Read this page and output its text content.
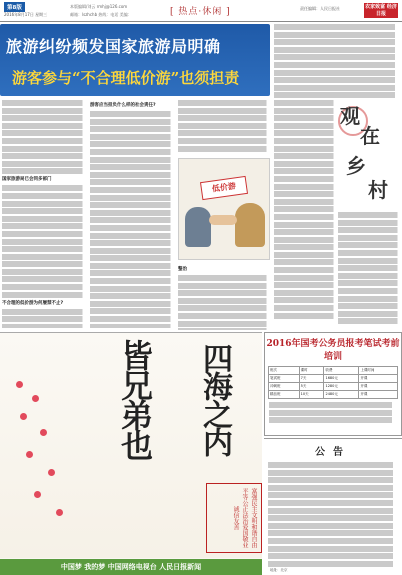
第8版
2016年8月17日 星期三
本版编辑/刘云 rmhj@126.com
邮箱：lszhchb 热线：电话 美编：	[ 热点·休闲 ]	责任编辑：人民日报社	农家致富 经济日报
旅游纠纷频发国家旅游局明确
游客参与“不合理低价游”也须担责
国家旅游局已会同多部门
不合理的低价游为何屡禁不止?
游客应当担负什么样的社会责任?
低价游
整治
观
在
乡
村
皆兄弟也 四海之内
富强民主文明和谐自由平等公正法治爱国敬业诚信友善
中国梦 我的梦 中国网络电视台 人民日报新闻
2016年国考公务员报考笔试考前培训
班次	课时	收费	上课时间
笔试班	7天	1680元	开课
冲刺班	5天	1280元	开课
精品班	10天	2480元	开课
公告
地址：北京
